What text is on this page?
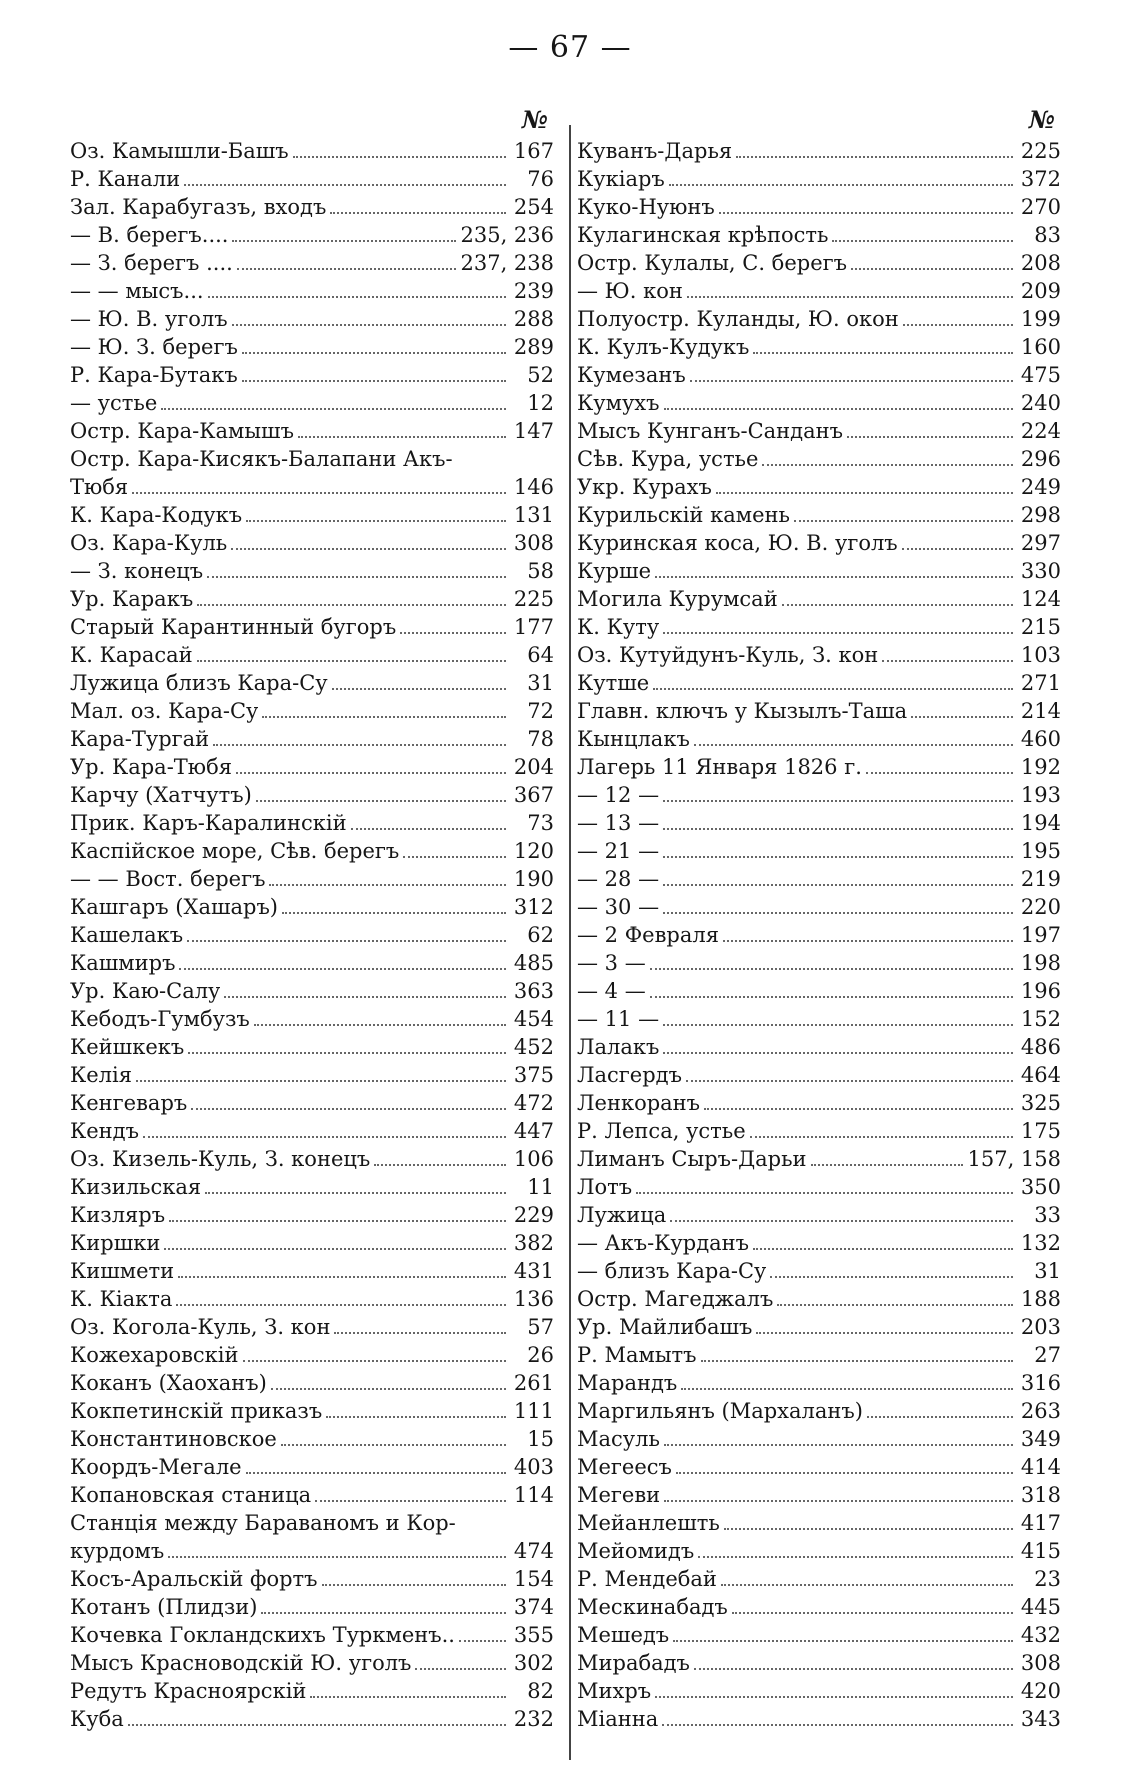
— 67 —
№
Оз. Камышли-Башъ	167
Р. Канали	76
Зал. Карабугазъ, входъ	254
— В. берегъ....	235, 236
— З. берегъ ....	237, 238
— — мысъ...	239
— Ю. В. уголъ	288
— Ю. З. берегъ	289
Р. Кара-Бутакъ	52
— устье	12
Остр. Кара-Камышъ	147
Остр. Кара-Кисякъ-Балапани Акъ-
Тюбя	146
К. Кара-Кодукъ	131
Оз. Кара-Куль	308
— З. конецъ	58
Ур. Каракъ	225
Старый Карантинный бугоръ	177
К. Карасай	64
Лужица близъ Кара-Су	31
Мал. оз. Кара-Су	72
Кара-Тургай	78
Ур. Кара-Тюбя	204
Карчу (Хатчутъ)	367
Прик. Каръ-Каралинскій	73
Каспійское море, Сѣв. берегъ	120
— — Вост. берегъ	190
Кашгаръ (Хашаръ)	312
Кашелакъ	62
Кашмиръ	485
Ур. Каю-Салу	363
Кебодъ-Гумбузъ	454
Кейшкекъ	452
Келія	375
Кенгеваръ	472
Кендъ	447
Оз. Кизель-Куль, З. конецъ	106
Кизильская	11
Кизляръ	229
Киршки	382
Кишмети	431
К. Кіакта	136
Оз. Когола-Куль, З. кон	57
Кожехаровскій	26
Коканъ (Хаоханъ)	261
Кокпетинскій приказъ	111
Константиновское	15
Коордъ-Мегале	403
Копановская станица	114
Станція между Бараваномъ и Кор-
курдомъ	474
Косъ-Аральскій фортъ	154
Котанъ (Плидзи)	374
Кочевка Гокландскихъ Туркменъ..	355
Мысъ Красноводскій Ю. уголъ	302
Редутъ Краснoярскій	82
Куба	232
№
Куванъ-Дарья	225
Кукіаръ	372
Куко-Нуюнъ	270
Кулагинская крѣпость	83
Остр. Кулалы, С. берегъ	208
— Ю. кон	209
Полуостр. Куланды, Ю. окон	199
К. Кулъ-Кудукъ	160
Кумезанъ	475
Кумухъ	240
Мысъ Кунганъ-Санданъ	224
Сѣв. Кура, устье	296
Укр. Курахъ	249
Курильскій камень	298
Куринская коса, Ю. В. уголъ	297
Курше	330
Могила Курумсай	124
К. Куту	215
Оз. Кутуйдунъ-Куль, З. кон	103
Кутше	271
Главн. ключъ у Кызылъ-Таша	214
Кынцлакъ	460
Лагерь 11 Января 1826 г.	192
— 12 —	193
— 13 —	194
— 21 —	195
— 28 —	219
— 30 —	220
— 2 Февраля	197
— 3 —	198
— 4 —	196
— 11 —	152
Лалакъ	486
Ласгердъ	464
Ленкоранъ	325
Р. Лепса, устье	175
Лиманъ Сыръ-Дарьи	157, 158
Лотъ	350
Лужица	33
— Акъ-Курданъ	132
— близъ Кара-Су	31
Остр. Магеджалъ	188
Ур. Майлибашъ	203
Р. Мамытъ	27
Марандъ	316
Маргильянъ (Мархаланъ)	263
Масуль	349
Мегеесъ	414
Мегеви	318
Мейанлешть	417
Мейомидъ	415
Р. Мендебай	23
Мескинабадъ	445
Мешедъ	432
Мирабадъ	308
Михръ	420
Міанна	343
